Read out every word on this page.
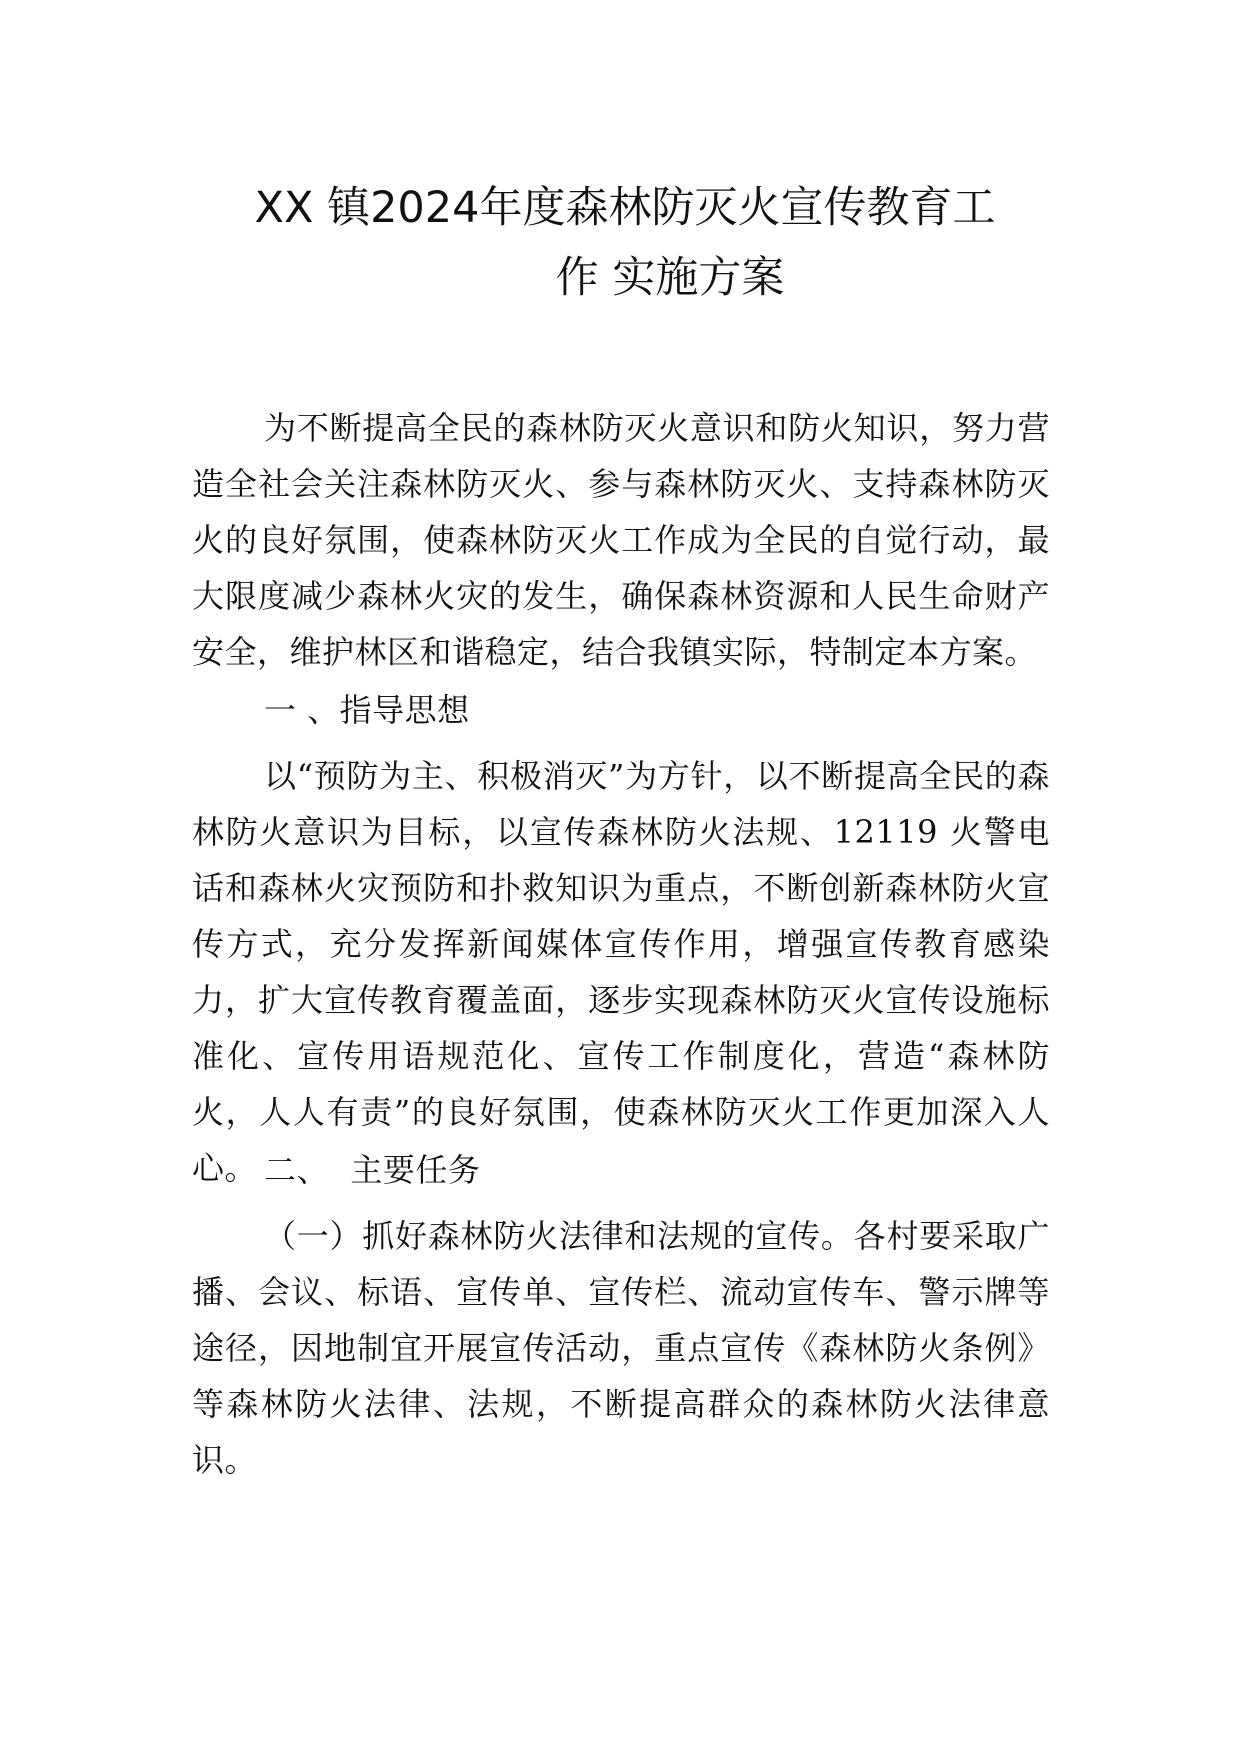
XX 镇2024年度森林防灭火宣传教育工
作 实施方案

为不断提高全民的森林防灭火意识和防火知识，努力营造全社会关注森林防灭火、参与森林防灭火、支持森林防灭火的良好氛围，使森林防灭火工作成为全民的自觉行动，最大限度减少森林火灾的发生，确保森林资源和人民生命财产安全，维护林区和谐稳定，结合我镇实际，特制定本方案。

一 、指导思想

以“预防为主、积极消灭”为方针，以不断提高全民的森林防火意识为目标，以宣传森林防火法规、12119 火警电话和森林火灾预防和扑救知识为重点，不断创新森林防火宣传方式，充分发挥新闻媒体宣传作用，增强宣传教育感染力，扩大宣传教育覆盖面，逐步实现森林防灭火宣传设施标准化、宣传用语规范化、宣传工作制度化，营造“森林防火，人人有责”的良好氛围，使森林防灭火工作更加深入人心。 二、  主要任务

（一）抓好森林防火法律和法规的宣传。各村要采取广播、会议、标语、宣传单、宣传栏、流动宣传车、警示牌等途径，因地制宜开展宣传活动，重点宣传《森林防火条例》等森林防火法律、法规，不断提高群众的森林防火法律意识。
